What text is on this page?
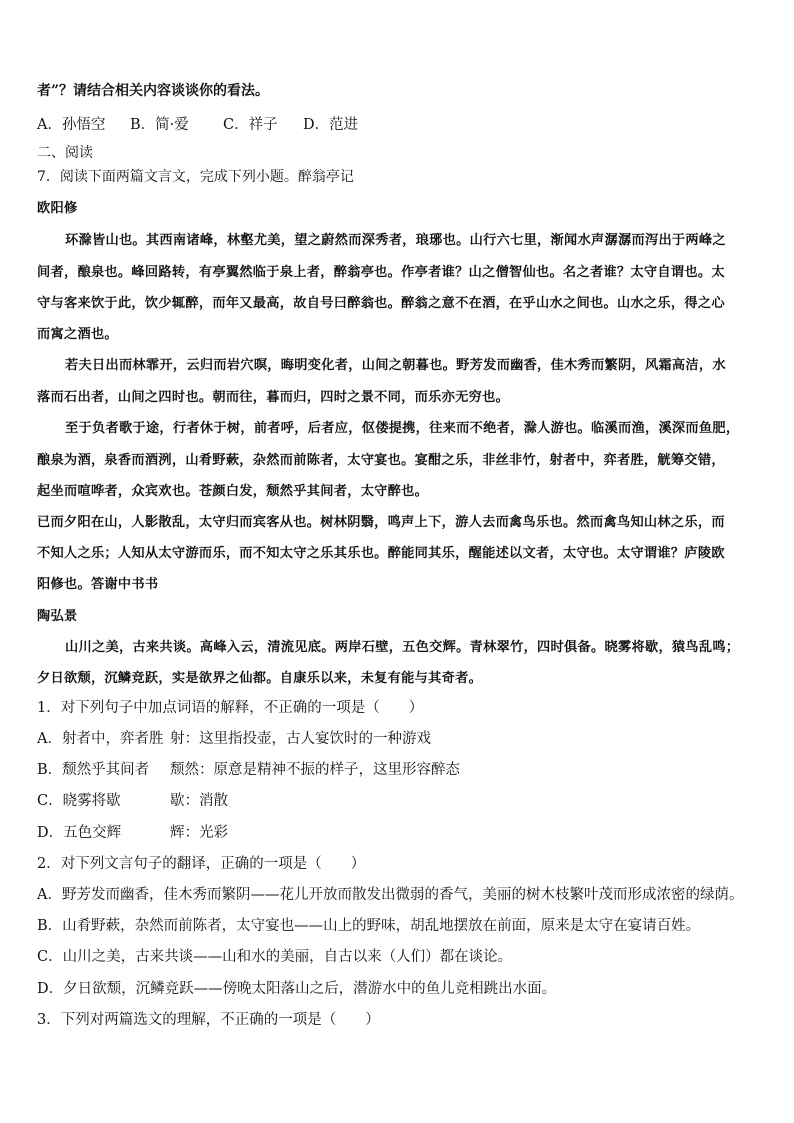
者”？请结合相关内容谈谈你的看法。
A．孙悟空 B．简·爱 C．祥子 D．范进
二、阅读
7．阅读下面两篇文言文，完成下列小题。醉翁亭记
欧阳修
环滁皆山也。其西南诸峰，林壑尤美，望之蔚然而深秀者，琅琊也。山行六七里，渐闻水声潺潺而泻出于两峰之
间者，酿泉也。峰回路转，有亭翼然临于泉上者，醉翁亭也。作亭者谁？山之僧智仙也。名之者谁？太守自谓也。太
守与客来饮于此，饮少辄醉，而年又最高，故自号曰醉翁也。醉翁之意不在酒，在乎山水之间也。山水之乐，得之心
而寓之酒也。
若夫日出而林霏开，云归而岩穴暝，晦明变化者，山间之朝暮也。野芳发而幽香，佳木秀而繁阴，风霜高洁，水
落而石出者，山间之四时也。朝而往，暮而归，四时之景不同，而乐亦无穷也。
至于负者歌于途，行者休于树，前者呼，后者应，伛偻提携，往来而不绝者，滁人游也。临溪而渔，溪深而鱼肥，
酿泉为酒，泉香而酒洌，山肴野蔌，杂然而前陈者，太守宴也。宴酣之乐，非丝非竹，射者中，弈者胜，觥筹交错，
起坐而喧哗者，众宾欢也。苍颜白发，颓然乎其间者，太守醉也。
已而夕阳在山，人影散乱，太守归而宾客从也。树林阴翳，鸣声上下，游人去而禽鸟乐也。然而禽鸟知山林之乐，而
不知人之乐；人知从太守游而乐，而不知太守之乐其乐也。醉能同其乐，醒能述以文者，太守也。太守谓谁？庐陵欧
阳修也。答谢中书书
陶弘景
山川之美，古来共谈。高峰入云，清流见底。两岸石壁，五色交辉。青林翠竹，四时俱备。晓雾将歇，猿鸟乱鸣；
夕日欲颓，沉鳞竞跃，实是欲界之仙都。自康乐以来，未复有能与其奇者。
1．对下列句子中加点词语的解释，不正确的一项是（　　）
A．射者中，弈者胜 射：这里指投壶，古人宴饮时的一种游戏
B．颓然乎其间者 颓然：原意是精神不振的样子，这里形容醉态
C．晓雾将歇	歇：消散
D．五色交辉	辉：光彩
2．对下列文言句子的翻译，正确的一项是（　　）
A．野芳发而幽香，佳木秀而繁阴——花儿开放而散发出微弱的香气，美丽的树木枝繁叶茂而形成浓密的绿荫。
B．山肴野蔌，杂然而前陈者，太守宴也——山上的野味，胡乱地摆放在前面，原来是太守在宴请百姓。
C．山川之美，古来共谈——山和水的美丽，自古以来（人们）都在谈论。
D．夕日欲颓，沉鳞竞跃——傍晚太阳落山之后，潜游水中的鱼儿竞相跳出水面。
3．下列对两篇选文的理解，不正确的一项是（　　）
